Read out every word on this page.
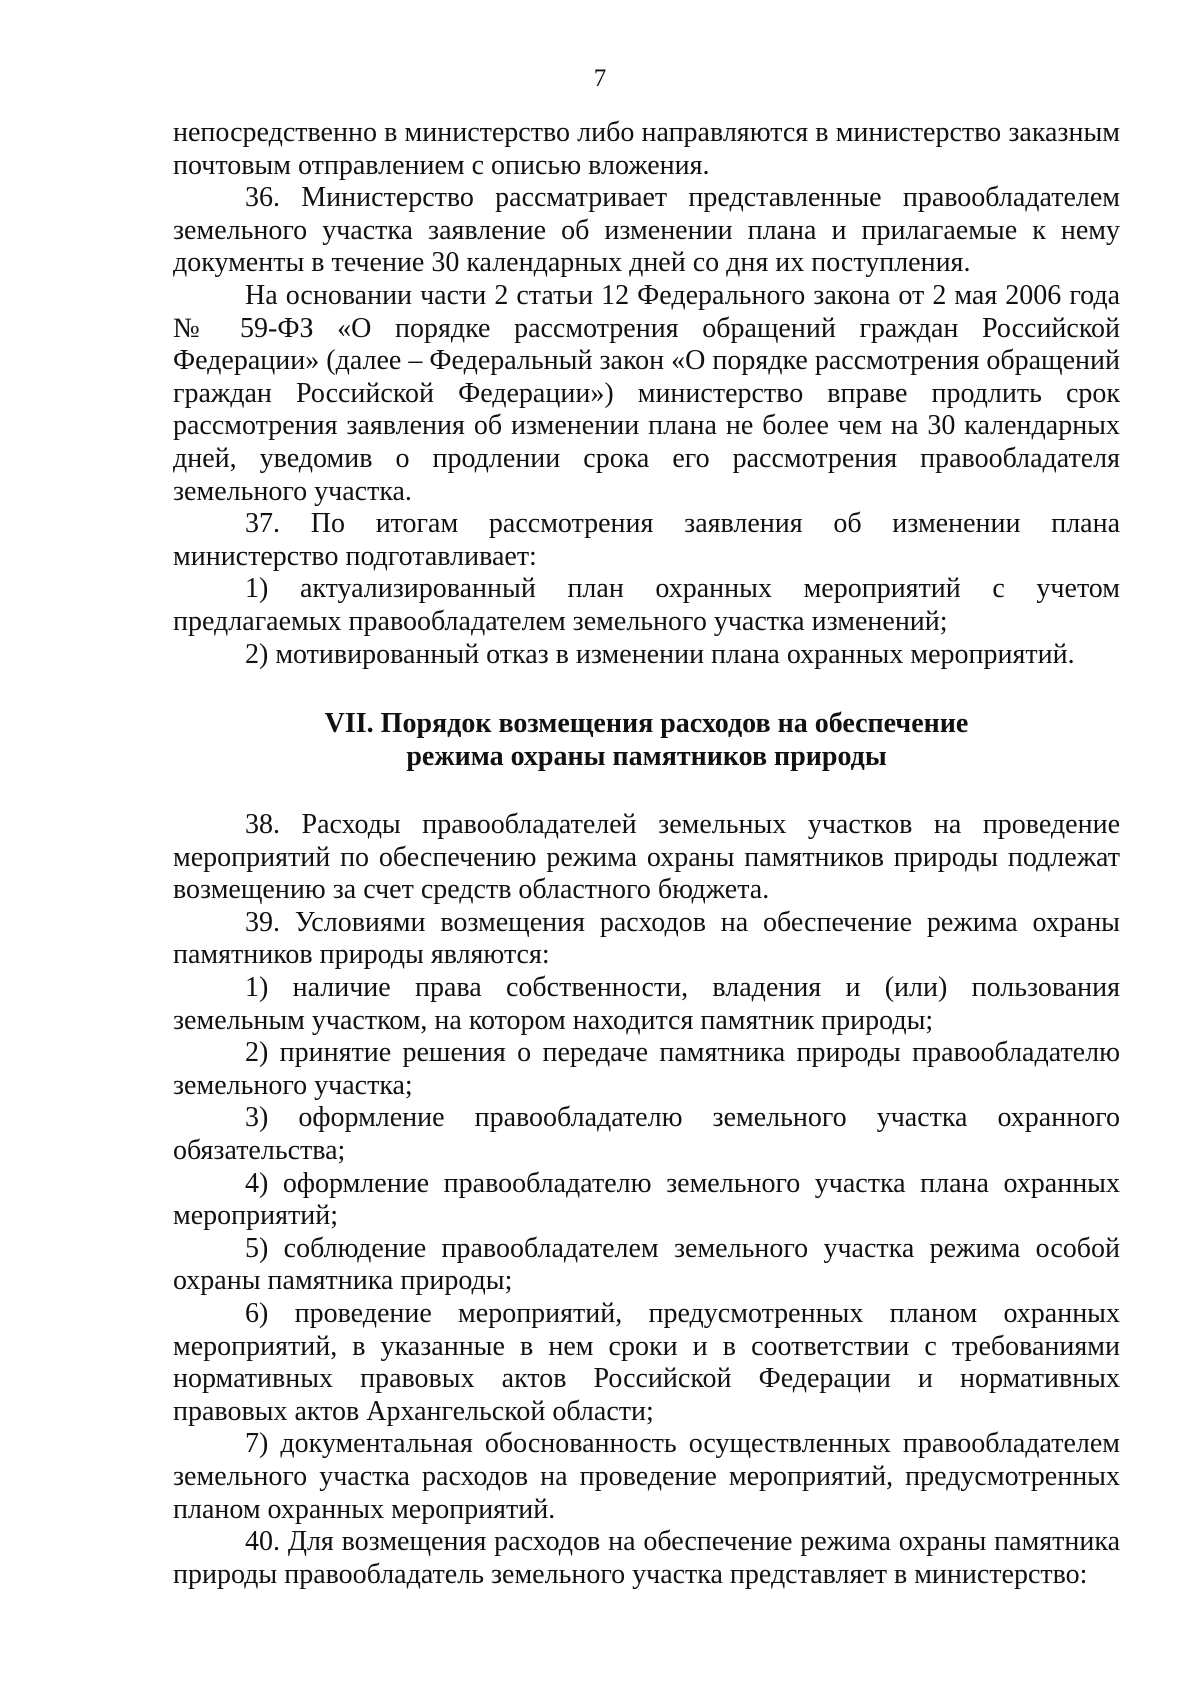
7

непосредственно в министерство либо направляются в министерство заказным почтовым отправлением с описью вложения.

36. Министерство рассматривает представленные правообладателем земельного участка заявление об изменении плана и прилагаемые к нему документы в течение 30 календарных дней со дня их поступления.

На основании части 2 статьи 12 Федерального закона от 2 мая 2006 года № 59-ФЗ «О порядке рассмотрения обращений граждан Российской Федерации» (далее – Федеральный закон «О порядке рассмотрения обращений граждан Российской Федерации») министерство вправе продлить срок рассмотрения заявления об изменении плана не более чем на 30 календарных дней, уведомив о продлении срока его рассмотрения правообладателя земельного участка.

37. По итогам рассмотрения заявления об изменении плана министерство подготавливает:

1) актуализированный план охранных мероприятий с учетом предлагаемых правообладателем земельного участка изменений;

2) мотивированный отказ в изменении плана охранных мероприятий.

VII. Порядок возмещения расходов на обеспечение
режима охраны памятников природы

38. Расходы правообладателей земельных участков на проведение мероприятий по обеспечению режима охраны памятников природы подлежат возмещению за счет средств областного бюджета.

39. Условиями возмещения расходов на обеспечение режима охраны памятников природы являются:

1) наличие права собственности, владения и (или) пользования земельным участком, на котором находится памятник природы;

2) принятие решения о передаче памятника природы правообладателю земельного участка;

3) оформление правообладателю земельного участка охранного обязательства;

4) оформление правообладателю земельного участка плана охранных мероприятий;

5) соблюдение правообладателем земельного участка режима особой охраны памятника природы;

6) проведение мероприятий, предусмотренных планом охранных мероприятий, в указанные в нем сроки и в соответствии с требованиями нормативных правовых актов Российской Федерации и нормативных правовых актов Архангельской области;

7) документальная обоснованность осуществленных правообладателем земельного участка расходов на проведение мероприятий, предусмотренных планом охранных мероприятий.

40. Для возмещения расходов на обеспечение режима охраны памятника природы правообладатель земельного участка представляет в министерство:
